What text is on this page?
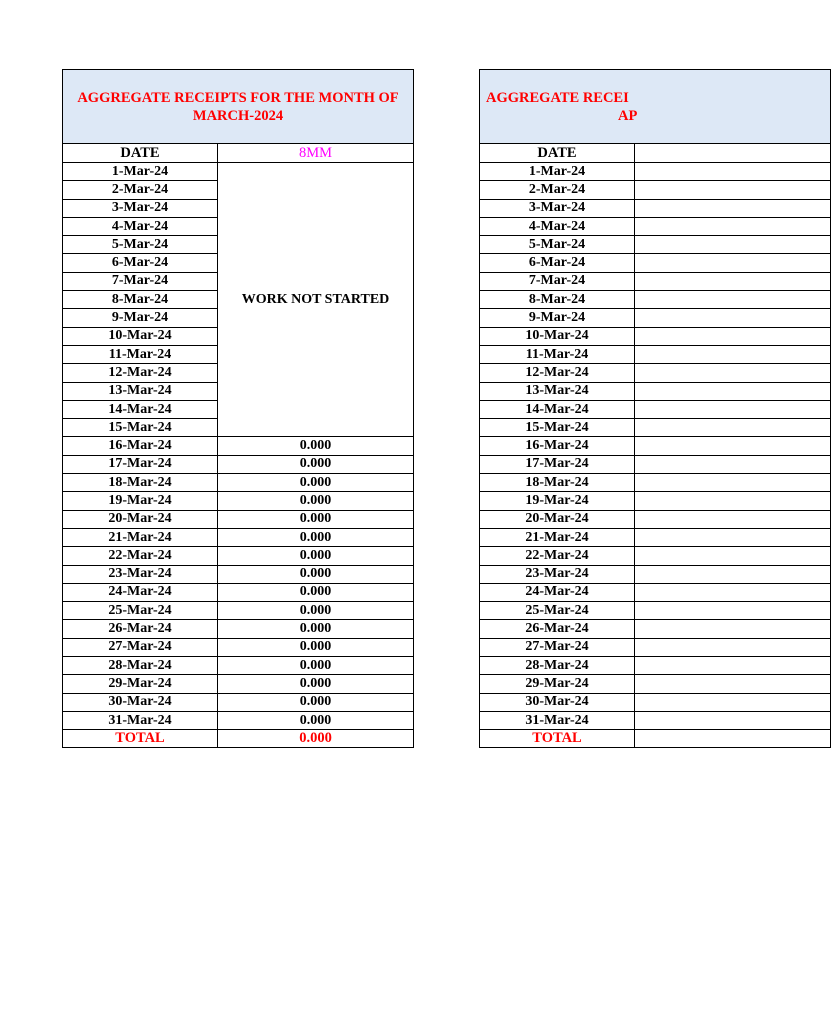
AGGREGATE RECEIPTS FOR THE MONTH OF MARCH-2024	
DATE	8MM
1-Mar-24	WORK NOT STARTED
2-Mar-24	
3-Mar-24	
4-Mar-24	
5-Mar-24	
6-Mar-24	
7-Mar-24	
8-Mar-24	
9-Mar-24	
10-Mar-24	
11-Mar-24	
12-Mar-24	
13-Mar-24	
14-Mar-24	
15-Mar-24	
16-Mar-24	0.000
17-Mar-24	0.000
18-Mar-24	0.000
19-Mar-24	0.000
20-Mar-24	0.000
21-Mar-24	0.000
22-Mar-24	0.000
23-Mar-24	0.000
24-Mar-24	0.000
25-Mar-24	0.000
26-Mar-24	0.000
27-Mar-24	0.000
28-Mar-24	0.000
29-Mar-24	0.000
30-Mar-24	0.000
31-Mar-24	0.000
TOTAL	0.000
AGGREGATE RECEI
AP	
DATE	
1-Mar-24	
2-Mar-24	
3-Mar-24	
4-Mar-24	
5-Mar-24	
6-Mar-24	
7-Mar-24	
8-Mar-24	
9-Mar-24	
10-Mar-24	
11-Mar-24	
12-Mar-24	
13-Mar-24	
14-Mar-24	
15-Mar-24	
16-Mar-24	
17-Mar-24	
18-Mar-24	
19-Mar-24	
20-Mar-24	
21-Mar-24	
22-Mar-24	
23-Mar-24	
24-Mar-24	
25-Mar-24	
26-Mar-24	
27-Mar-24	
28-Mar-24	
29-Mar-24	
30-Mar-24	
31-Mar-24	
TOTAL	
